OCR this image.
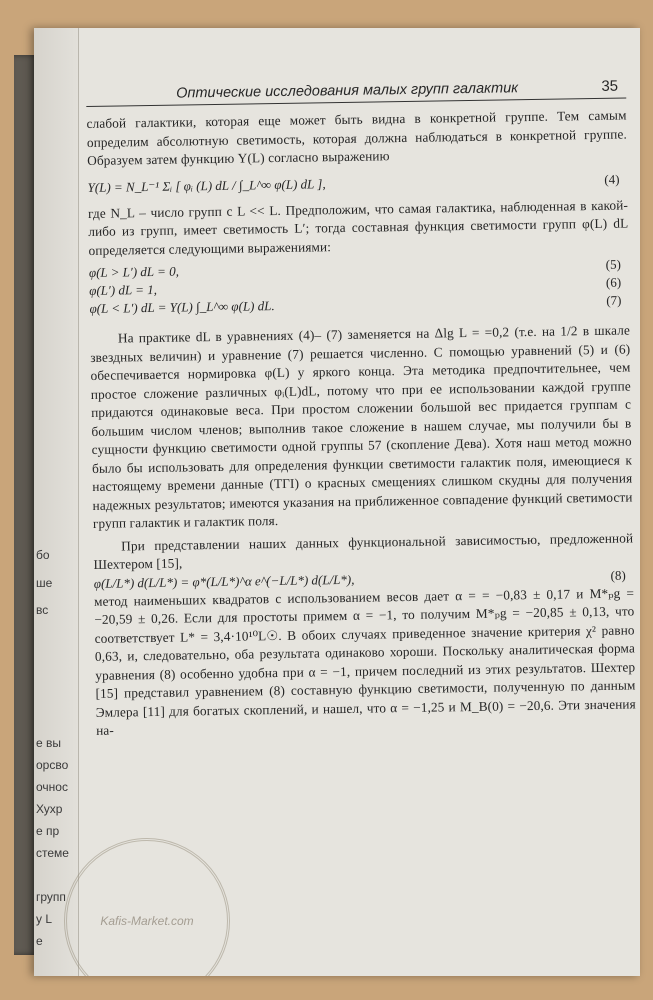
бо
ше
вс
е вы
орсво
очнос
Хухр
е пр
стеме
групп
у L
е
Оптические исследования малых групп галактик	35

слабой галактики, которая еще может быть видна в конкретной группе. Тем самым определим абсолютную светимость, которая должна наблюдаться в конкретной группе. Образуем затем функцию Υ(L) согласно выражению

Υ(L) = N_L⁻¹ Σᵢ [ φᵢ (L) dL / ∫_L^∞ φ(L) dL ],	(4)

где N_L – число групп с L << L. Предположим, что самая галактика, наблюденная в какой-либо из групп, имеет светимость L′; тогда составная функция светимости групп φ(L) dL определяется следующими выражениями:

φ(L > L′) dL = 0,	(5)
φ(L′) dL = 1,	(6)
φ(L < L′) dL = Υ(L) ∫_L^∞ φ(L) dL.	(7)

На практике dL в уравнениях (4)– (7) заменяется на Δlg L = =0,2 (т.е. на 1/2 в шкале звездных величин) и уравнение (7) решается численно. С помощью уравнений (5) и (6) обеспечивается нормировка φ(L) у яркого конца. Эта методика предпочтительнее, чем простое сложение различных φᵢ(L)dL, потому что при ее использовании каждой группе придаются одинаковые веса. При простом сложении большой вес придается группам с большим числом членов; выполнив такое сложение в нашем случае, мы получили бы в сущности функцию светимости одной группы 57 (скопление Дева). Хотя наш метод можно было бы использовать для определения функции светимости галактик поля, имеющиеся к настоящему времени данные (ТГI) о красных смещениях слишком скудны для получения надежных результатов; имеются указания на приближенное совпадение функций светимости групп галактик и галактик поля.

При представлении наших данных функциональной зависимостью, предложенной Шехтером [15],

φ(L/L*) d(L/L*) = φ*(L/L*)^α e^(−L/L*) d(L/L*),	(8)

метод наименьших квадратов с использованием весов дает α = = −0,83 ± 0,17 и M*ₚg = −20,59 ± 0,26. Если для простоты примем α = −1, то получим M*ₚg = −20,85 ± 0,13, что соответствует L* = 3,4·10¹⁰L☉. В обоих случаях приведенное значение критерия χ² равно 0,63, и, следовательно, оба результата одинаково хороши. Поскольку аналитическая форма уравнения (8) особенно удобна при α = −1, причем последний из этих результатов. Шехтер [15] представил уравнением (8) составную функцию светимости, полученную по данным Эмлера [11] для богатых скоплений, и нашел, что α = −1,25 и M_B(0) = −20,6. Эти значения на-

Kafis-Market.com
